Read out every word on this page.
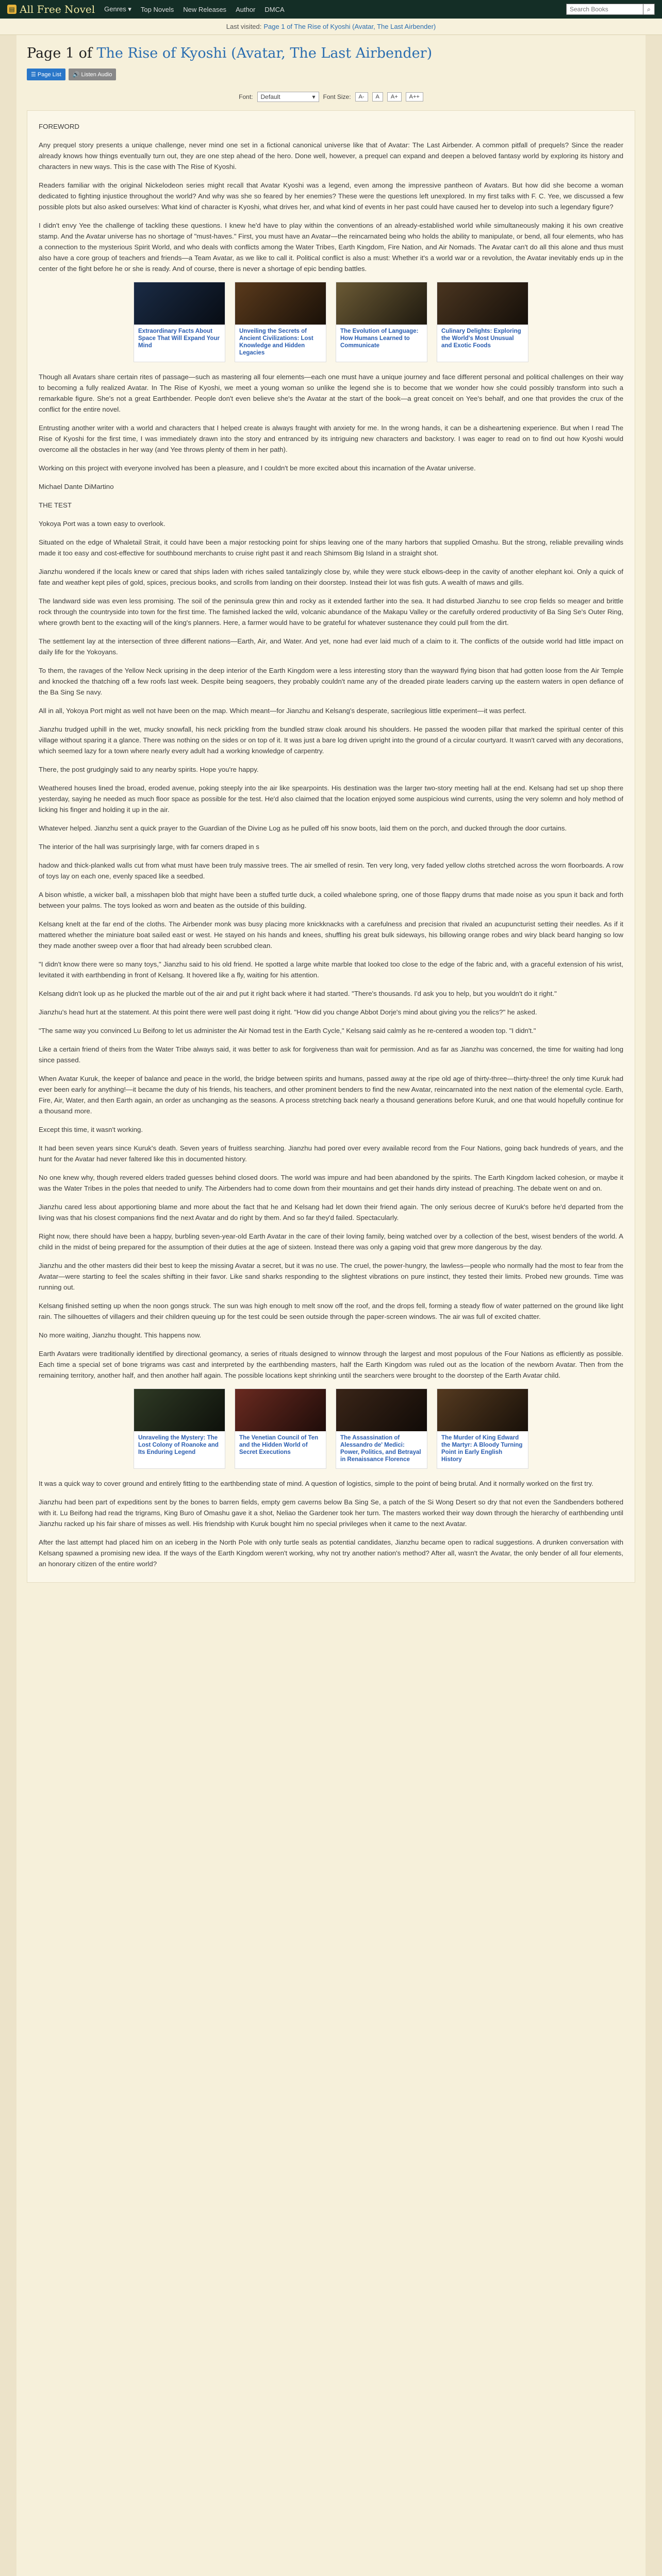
▤ All Free Novel Genres ▾ Top Novels New Releases Author DMCA
Search Books	⌕
Last visited: Page 1 of The Rise of Kyoshi (Avatar, The Last Airbender)
Page 1 of The Rise of Kyoshi (Avatar, The Last Airbender)
☰ Page List	🔊 Listen Audio
Font: Default	▾ Font Size:	A-	A	A+	A++

FOREWORD

Any prequel story presents a unique challenge, never mind one set in a fictional canonical universe like that of Avatar: The Last Airbender. A common pitfall of prequels? Since the reader already knows how things eventually turn out, they are one step ahead of the hero. Done well, however, a prequel can expand and deepen a beloved fantasy world by exploring its history and characters in new ways. This is the case with The Rise of Kyoshi.

Readers familiar with the original Nickelodeon series might recall that Avatar Kyoshi was a legend, even among the impressive pantheon of Avatars. But how did she become a woman dedicated to fighting injustice throughout the world? And why was she so feared by her enemies? These were the questions left unexplored. In my first talks with F. C. Yee, we discussed a few possible plots but also asked ourselves: What kind of character is Kyoshi, what drives her, and what kind of events in her past could have caused her to develop into such a legendary figure?

I didn't envy Yee the challenge of tackling these questions. I knew he'd have to play within the conventions of an already-established world while simultaneously making it his own creative stamp. And the Avatar universe has no shortage of "must-haves." First, you must have an Avatar—the reincarnated being who holds the ability to manipulate, or bend, all four elements, who has a connection to the mysterious Spirit World, and who deals with conflicts among the Water Tribes, Earth Kingdom, Fire Nation, and Air Nomads. The Avatar can't do all this alone and thus must also have a core group of teachers and friends—a Team Avatar, as we like to call it. Political conflict is also a must: Whether it's a world war or a revolution, the Avatar inevitably ends up in the center of the fight before he or she is ready. And of course, there is never a shortage of epic bending battles.

Extraordinary Facts About Space That Will Expand Your Mind
Unveiling the Secrets of Ancient Civilizations: Lost Knowledge and Hidden Legacies
The Evolution of Language: How Humans Learned to Communicate
Culinary Delights: Exploring the World's Most Unusual and Exotic Foods

Though all Avatars share certain rites of passage—such as mastering all four elements—each one must have a unique journey and face different personal and political challenges on their way to becoming a fully realized Avatar. In The Rise of Kyoshi, we meet a young woman so unlike the legend she is to become that we wonder how she could possibly transform into such a remarkable figure. She's not a great Earthbender. People don't even believe she's the Avatar at the start of the book—a great conceit on Yee's behalf, and one that provides the crux of the conflict for the entire novel.

Entrusting another writer with a world and characters that I helped create is always fraught with anxiety for me. In the wrong hands, it can be a disheartening experience. But when I read The Rise of Kyoshi for the first time, I was immediately drawn into the story and entranced by its intriguing new characters and backstory. I was eager to read on to find out how Kyoshi would overcome all the obstacles in her way (and Yee throws plenty of them in her path).

Working on this project with everyone involved has been a pleasure, and I couldn't be more excited about this incarnation of the Avatar universe.

Michael Dante DiMartino

THE TEST

Yokoya Port was a town easy to overlook.

Situated on the edge of Whaletail Strait, it could have been a major restocking point for ships leaving one of the many harbors that supplied Omashu. But the strong, reliable prevailing winds made it too easy and cost-effective for southbound merchants to cruise right past it and reach Shimsom Big Island in a straight shot.

Jianzhu wondered if the locals knew or cared that ships laden with riches sailed tantalizingly close by, while they were stuck elbows-deep in the cavity of another elephant koi. Only a quick of fate and weather kept piles of gold, spices, precious books, and scrolls from landing on their doorstep. Instead their lot was fish guts. A wealth of maws and gills.

The landward side was even less promising. The soil of the peninsula grew thin and rocky as it extended farther into the sea. It had disturbed Jianzhu to see crop fields so meager and brittle rock through the countryside into town for the first time. The famished lacked the wild, volcanic abundance of the Makapu Valley or the carefully ordered productivity of Ba Sing Se's Outer Ring, where growth bent to the exacting will of the king's planners. Here, a farmer would have to be grateful for whatever sustenance they could pull from the dirt.

The settlement lay at the intersection of three different nations—Earth, Air, and Water. And yet, none had ever laid much of a claim to it. The conflicts of the outside world had little impact on daily life for the Yokoyans.

To them, the ravages of the Yellow Neck uprising in the deep interior of the Earth Kingdom were a less interesting story than the wayward flying bison that had gotten loose from the Air Temple and knocked the thatching off a few roofs last week. Despite being seagoers, they probably couldn't name any of the dreaded pirate leaders carving up the eastern waters in open defiance of the Ba Sing Se navy.

All in all, Yokoya Port might as well not have been on the map. Which meant—for Jianzhu and Kelsang's desperate, sacrilegious little experiment—it was perfect.

Jianzhu trudged uphill in the wet, mucky snowfall, his neck prickling from the bundled straw cloak around his shoulders. He passed the wooden pillar that marked the spiritual center of this village without sparing it a glance. There was nothing on the sides or on top of it. It was just a bare log driven upright into the ground of a circular courtyard. It wasn't carved with any decorations, which seemed lazy for a town where nearly every adult had a working knowledge of carpentry.

There, the post grudgingly said to any nearby spirits. Hope you're happy.

Weathered houses lined the broad, eroded avenue, poking steeply into the air like spearpoints. His destination was the larger two-story meeting hall at the end. Kelsang had set up shop there yesterday, saying he needed as much floor space as possible for the test. He'd also claimed that the location enjoyed some auspicious wind currents, using the very solemn and holy method of licking his finger and holding it up in the air.

Whatever helped. Jianzhu sent a quick prayer to the Guardian of the Divine Log as he pulled off his snow boots, laid them on the porch, and ducked through the door curtains.

The interior of the hall was surprisingly large, with far corners draped in s

hadow and thick-planked walls cut from what must have been truly massive trees. The air smelled of resin. Ten very long, very faded yellow cloths stretched across the worn floorboards. A row of toys lay on each one, evenly spaced like a seedbed.

A bison whistle, a wicker ball, a misshapen blob that might have been a stuffed turtle duck, a coiled whalebone spring, one of those flappy drums that made noise as you spun it back and forth between your palms. The toys looked as worn and beaten as the outside of this building.

Kelsang knelt at the far end of the cloths. The Airbender monk was busy placing more knickknacks with a carefulness and precision that rivaled an acupuncturist setting their needles. As if it mattered whether the miniature boat sailed east or west. He stayed on his hands and knees, shuffling his great bulk sideways, his billowing orange robes and wiry black beard hanging so low they made another sweep over a floor that had already been scrubbed clean.

"I didn't know there were so many toys," Jianzhu said to his old friend. He spotted a large white marble that looked too close to the edge of the fabric and, with a graceful extension of his wrist, levitated it with earthbending in front of Kelsang. It hovered like a fly, waiting for his attention.

Kelsang didn't look up as he plucked the marble out of the air and put it right back where it had started. "There's thousands. I'd ask you to help, but you wouldn't do it right."

Jianzhu's head hurt at the statement. At this point there were well past doing it right. "How did you change Abbot Dorje's mind about giving you the relics?" he asked.

"The same way you convinced Lu Beifong to let us administer the Air Nomad test in the Earth Cycle," Kelsang said calmly as he re-centered a wooden top. "I didn't."

Like a certain friend of theirs from the Water Tribe always said, it was better to ask for forgiveness than wait for permission. And as far as Jianzhu was concerned, the time for waiting had long since passed.

When Avatar Kuruk, the keeper of balance and peace in the world, the bridge between spirits and humans, passed away at the ripe old age of thirty-three—thirty-three! the only time Kuruk had ever been early for anything!—it became the duty of his friends, his teachers, and other prominent benders to find the new Avatar, reincarnated into the next nation of the elemental cycle. Earth, Fire, Air, Water, and then Earth again, an order as unchanging as the seasons. A process stretching back nearly a thousand generations before Kuruk, and one that would hopefully continue for a thousand more.

Except this time, it wasn't working.

It had been seven years since Kuruk's death. Seven years of fruitless searching. Jianzhu had pored over every available record from the Four Nations, going back hundreds of years, and the hunt for the Avatar had never faltered like this in documented history.

No one knew why, though revered elders traded guesses behind closed doors. The world was impure and had been abandoned by the spirits. The Earth Kingdom lacked cohesion, or maybe it was the Water Tribes in the poles that needed to unify. The Airbenders had to come down from their mountains and get their hands dirty instead of preaching. The debate went on and on.

Jianzhu cared less about apportioning blame and more about the fact that he and Kelsang had let down their friend again. The only serious decree of Kuruk's before he'd departed from the living was that his closest companions find the next Avatar and do right by them. And so far they'd failed. Spectacularly.

Right now, there should have been a happy, burbling seven-year-old Earth Avatar in the care of their loving family, being watched over by a collection of the best, wisest benders of the world. A child in the midst of being prepared for the assumption of their duties at the age of sixteen. Instead there was only a gaping void that grew more dangerous by the day.

Jianzhu and the other masters did their best to keep the missing Avatar a secret, but it was no use. The cruel, the power-hungry, the lawless—people who normally had the most to fear from the Avatar—were starting to feel the scales shifting in their favor. Like sand sharks responding to the slightest vibrations on pure instinct, they tested their limits. Probed new grounds. Time was running out.

Kelsang finished setting up when the noon gongs struck. The sun was high enough to melt snow off the roof, and the drops fell, forming a steady flow of water patterned on the ground like light rain. The silhouettes of villagers and their children queuing up for the test could be seen outside through the paper-screen windows. The air was full of excited chatter.

No more waiting, Jianzhu thought. This happens now.

Earth Avatars were traditionally identified by directional geomancy, a series of rituals designed to winnow through the largest and most populous of the Four Nations as efficiently as possible. Each time a special set of bone trigrams was cast and interpreted by the earthbending masters, half the Earth Kingdom was ruled out as the location of the newborn Avatar. Then from the remaining territory, another half, and then another half again. The possible locations kept shrinking until the searchers were brought to the doorstep of the Earth Avatar child.

Unraveling the Mystery: The Lost Colony of Roanoke and Its Enduring Legend
The Venetian Council of Ten and the Hidden World of Secret Executions
The Assassination of Alessandro de' Medici: Power, Politics, and Betrayal in Renaissance Florence
The Murder of King Edward the Martyr: A Bloody Turning Point in Early English History

It was a quick way to cover ground and entirely fitting to the earthbending state of mind. A question of logistics, simple to the point of being brutal. And it normally worked on the first try.

Jianzhu had been part of expeditions sent by the bones to barren fields, empty gem caverns below Ba Sing Se, a patch of the Si Wong Desert so dry that not even the Sandbenders bothered with it. Lu Beifong had read the trigrams, King Buro of Omashu gave it a shot, Neliao the Gardener took her turn. The masters worked their way down through the hierarchy of earthbending until Jianzhu racked up his fair share of misses as well. His friendship with Kuruk bought him no special privileges when it came to the next Avatar.

After the last attempt had placed him on an iceberg in the North Pole with only turtle seals as potential candidates, Jianzhu became open to radical suggestions. A drunken conversation with Kelsang spawned a promising new idea. If the ways of the Earth Kingdom weren't working, why not try another nation's method? After all, wasn't the Avatar, the only bender of all four elements, an honorary citizen of the entire world?
